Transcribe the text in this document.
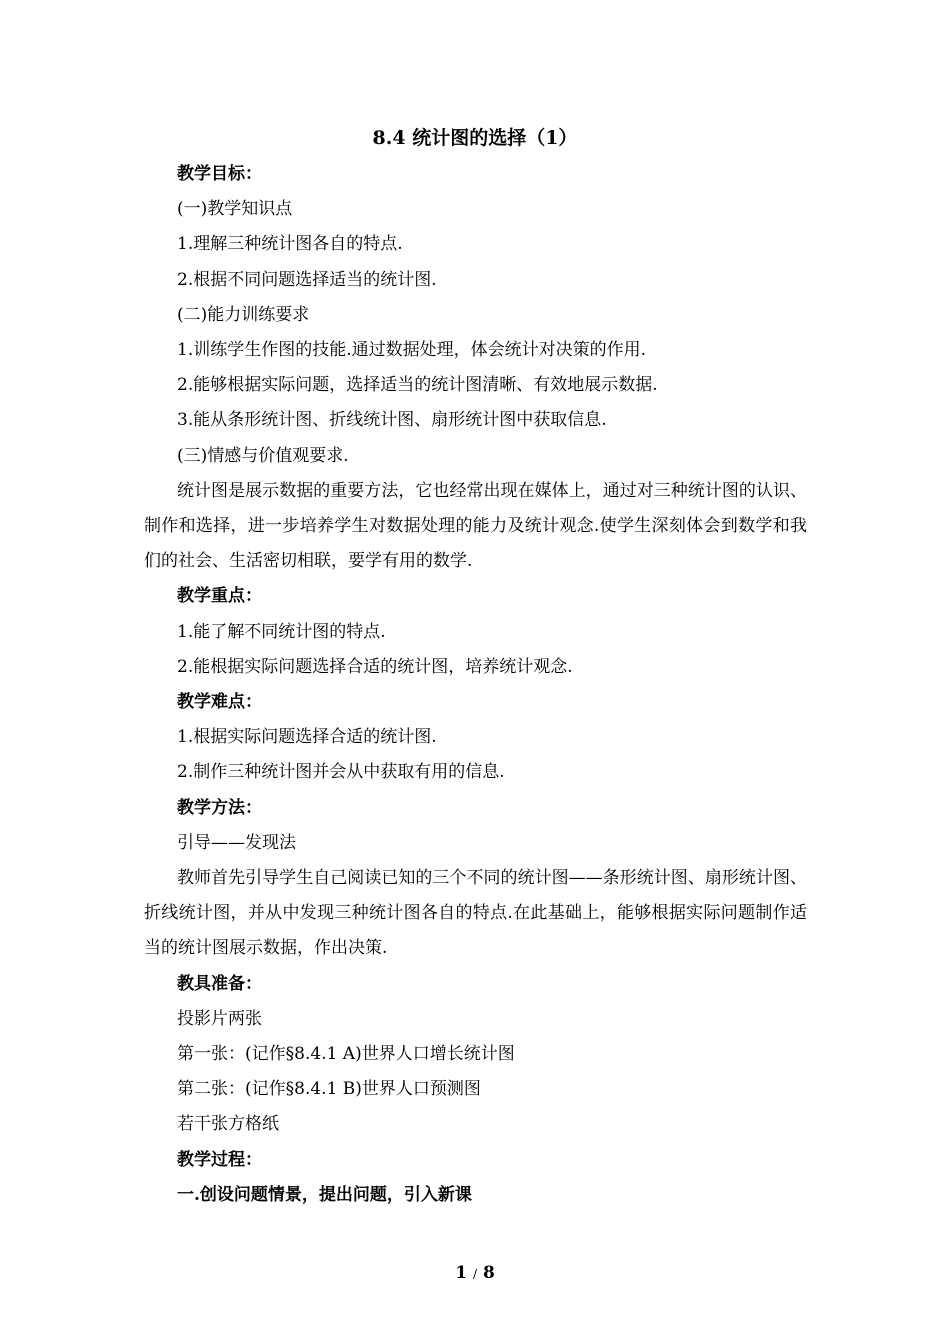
8.4 统计图的选择（1）

教学目标：

(一)教学知识点

1.理解三种统计图各自的特点.

2.根据不同问题选择适当的统计图.

(二)能力训练要求

1.训练学生作图的技能.通过数据处理，体会统计对决策的作用.

2.能够根据实际问题，选择适当的统计图清晰、有效地展示数据.

3.能从条形统计图、折线统计图、扇形统计图中获取信息.

(三)情感与价值观要求.

统计图是展示数据的重要方法，它也经常出现在媒体上，通过对三种统计图的认识、制作和选择，进一步培养学生对数据处理的能力及统计观念.使学生深刻体会到数学和我们的社会、生活密切相联，要学有用的数学.

教学重点：

1.能了解不同统计图的特点.

2.能根据实际问题选择合适的统计图，培养统计观念.

教学难点：

1.根据实际问题选择合适的统计图.

2.制作三种统计图并会从中获取有用的信息.

教学方法：

引导——发现法

教师首先引导学生自己阅读已知的三个不同的统计图——条形统计图、扇形统计图、折线统计图，并从中发现三种统计图各自的特点.在此基础上，能够根据实际问题制作适当的统计图展示数据，作出决策.

教具准备：

投影片两张

第一张：(记作§8.4.1 A)世界人口增长统计图

第二张：(记作§8.4.1 B)世界人口预测图

若干张方格纸

教学过程：

一.创设问题情景，提出问题，引入新课

1 / 8
